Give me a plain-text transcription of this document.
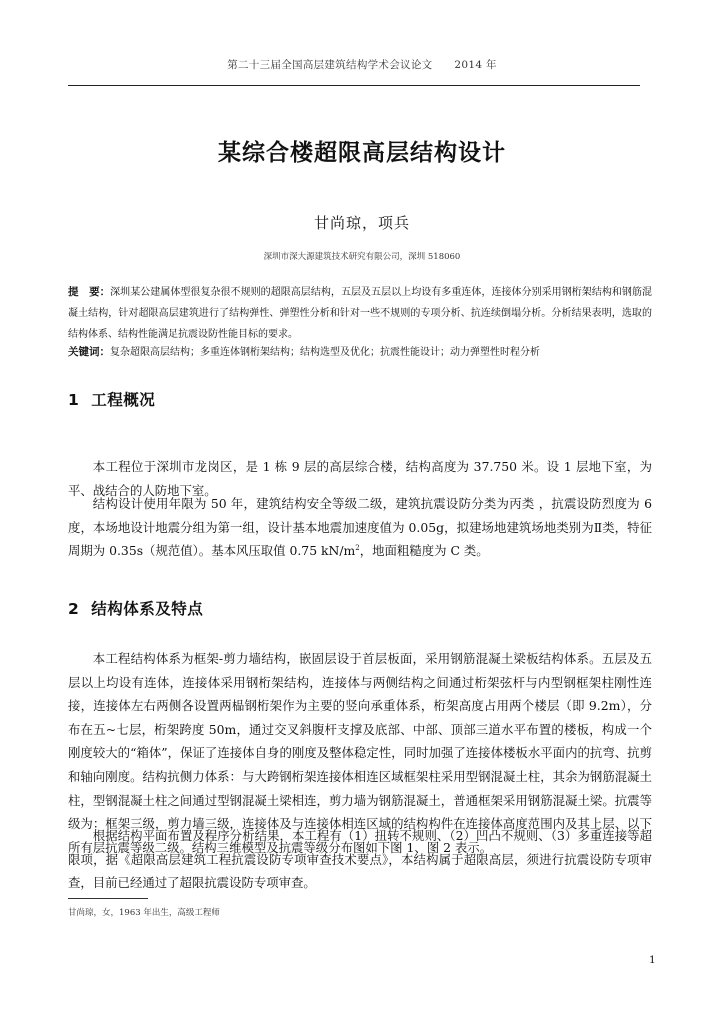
第二十三届全国高层建筑结构学术会议论文 2014 年
某综合楼超限高层结构设计
甘尚琼，项兵
深圳市深大源建筑技术研究有限公司，深圳 518060
提　要：深圳某公建属体型很复杂很不规则的超限高层结构，五层及五层以上均设有多重连体，连接体分别采用钢桁架结构和钢筋混凝土结构，针对超限高层建筑进行了结构弹性、弹塑性分析和针对一些不规则的专项分析、抗连续倒塌分析。分析结果表明，选取的结构体系、结构性能满足抗震设防性能目标的要求。
关键词：复杂超限高层结构；多重连体钢桁架结构；结构选型及优化；抗震性能设计；动力弹塑性时程分析
1 工程概况

本工程位于深圳市龙岗区，是 1 栋 9 层的高层综合楼，结构高度为 37.750 米。设 1 层地下室，为平、战结合的人防地下室。

结构设计使用年限为 50 年，建筑结构安全等级二级，建筑抗震设防分类为丙类 ，抗震设防烈度为 6 度，本场地设计地震分组为第一组，设计基本地震加速度值为 0.05g，拟建场地建筑场地类别为Ⅱ类，特征周期为 0.35s（规范值）。基本风压取值 0.75 $kN/m^2$，地面粗糙度为 C 类。

2 结构体系及特点

本工程结构体系为框架-剪力墙结构，嵌固层设于首层板面，采用钢筋混凝土梁板结构体系。五层及五层以上均设有连体，连接体采用钢桁架结构，连接体与两侧结构之间通过桁架弦杆与内型钢框架柱刚性连接，连接体左右两侧各设置两榀钢桁架作为主要的竖向承重体系，桁架高度占用两个楼层（即 9.2m），分布在五~七层，桁架跨度 50m，通过交叉斜腹杆支撑及底部、中部、顶部三道水平布置的楼板，构成一个刚度较大的“箱体”，保证了连接体自身的刚度及整体稳定性，同时加强了连接体楼板水平面内的抗弯、抗剪和轴向刚度。结构抗侧力体系：与大跨钢桁架连接体相连区域框架柱采用型钢混凝土柱，其余为钢筋混凝土柱，型钢混凝土柱之间通过型钢混凝土梁相连，剪力墙为钢筋混凝土，普通框架采用钢筋混凝土梁。抗震等级为：框架三级，剪力墙三级，连接体及与连接体相连区域的结构构件在连接体高度范围内及其上层、以下所有层抗震等级二级。结构三维模型及抗震等级分布图如下图 1、图 2 表示。

根据结构平面布置及程序分析结果，本工程有（1）扭转不规则、（2）凹凸不规则、（3）多重连接等超限项，据《超限高层建筑工程抗震设防专项审查技术要点》，本结构属于超限高层，须进行抗震设防专项审查，目前已经通过了超限抗震设防专项审查。

甘尚琼，女，1963 年出生，高级工程师
1
